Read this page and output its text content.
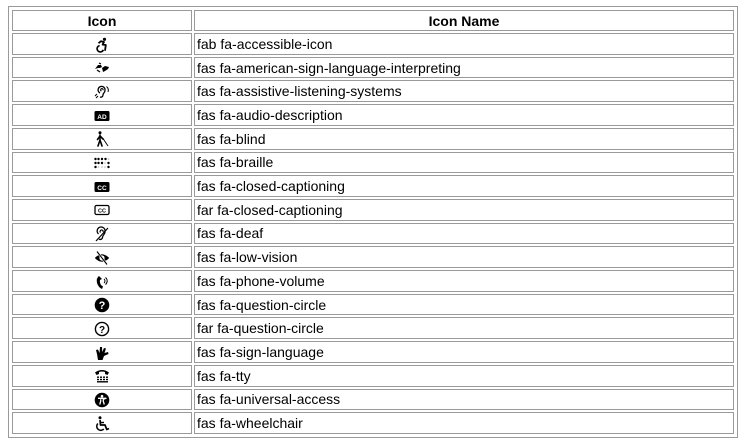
Icon	Icon Name

	fab fa-accessible-icon

	fas fa-american-sign-language-interpreting

	fas fa-assistive-listening-systems

AD	fas fa-audio-description

	fas fa-blind

	fas fa-braille

CC	fas fa-closed-captioning

CC	far fa-closed-captioning

	fas fa-deaf

	fas fa-low-vision

	fas fa-phone-volume

?	fas fa-question-circle

?	far fa-question-circle

	fas fa-sign-language

	fas fa-tty

	fas fa-universal-access

	fas fa-wheelchair
